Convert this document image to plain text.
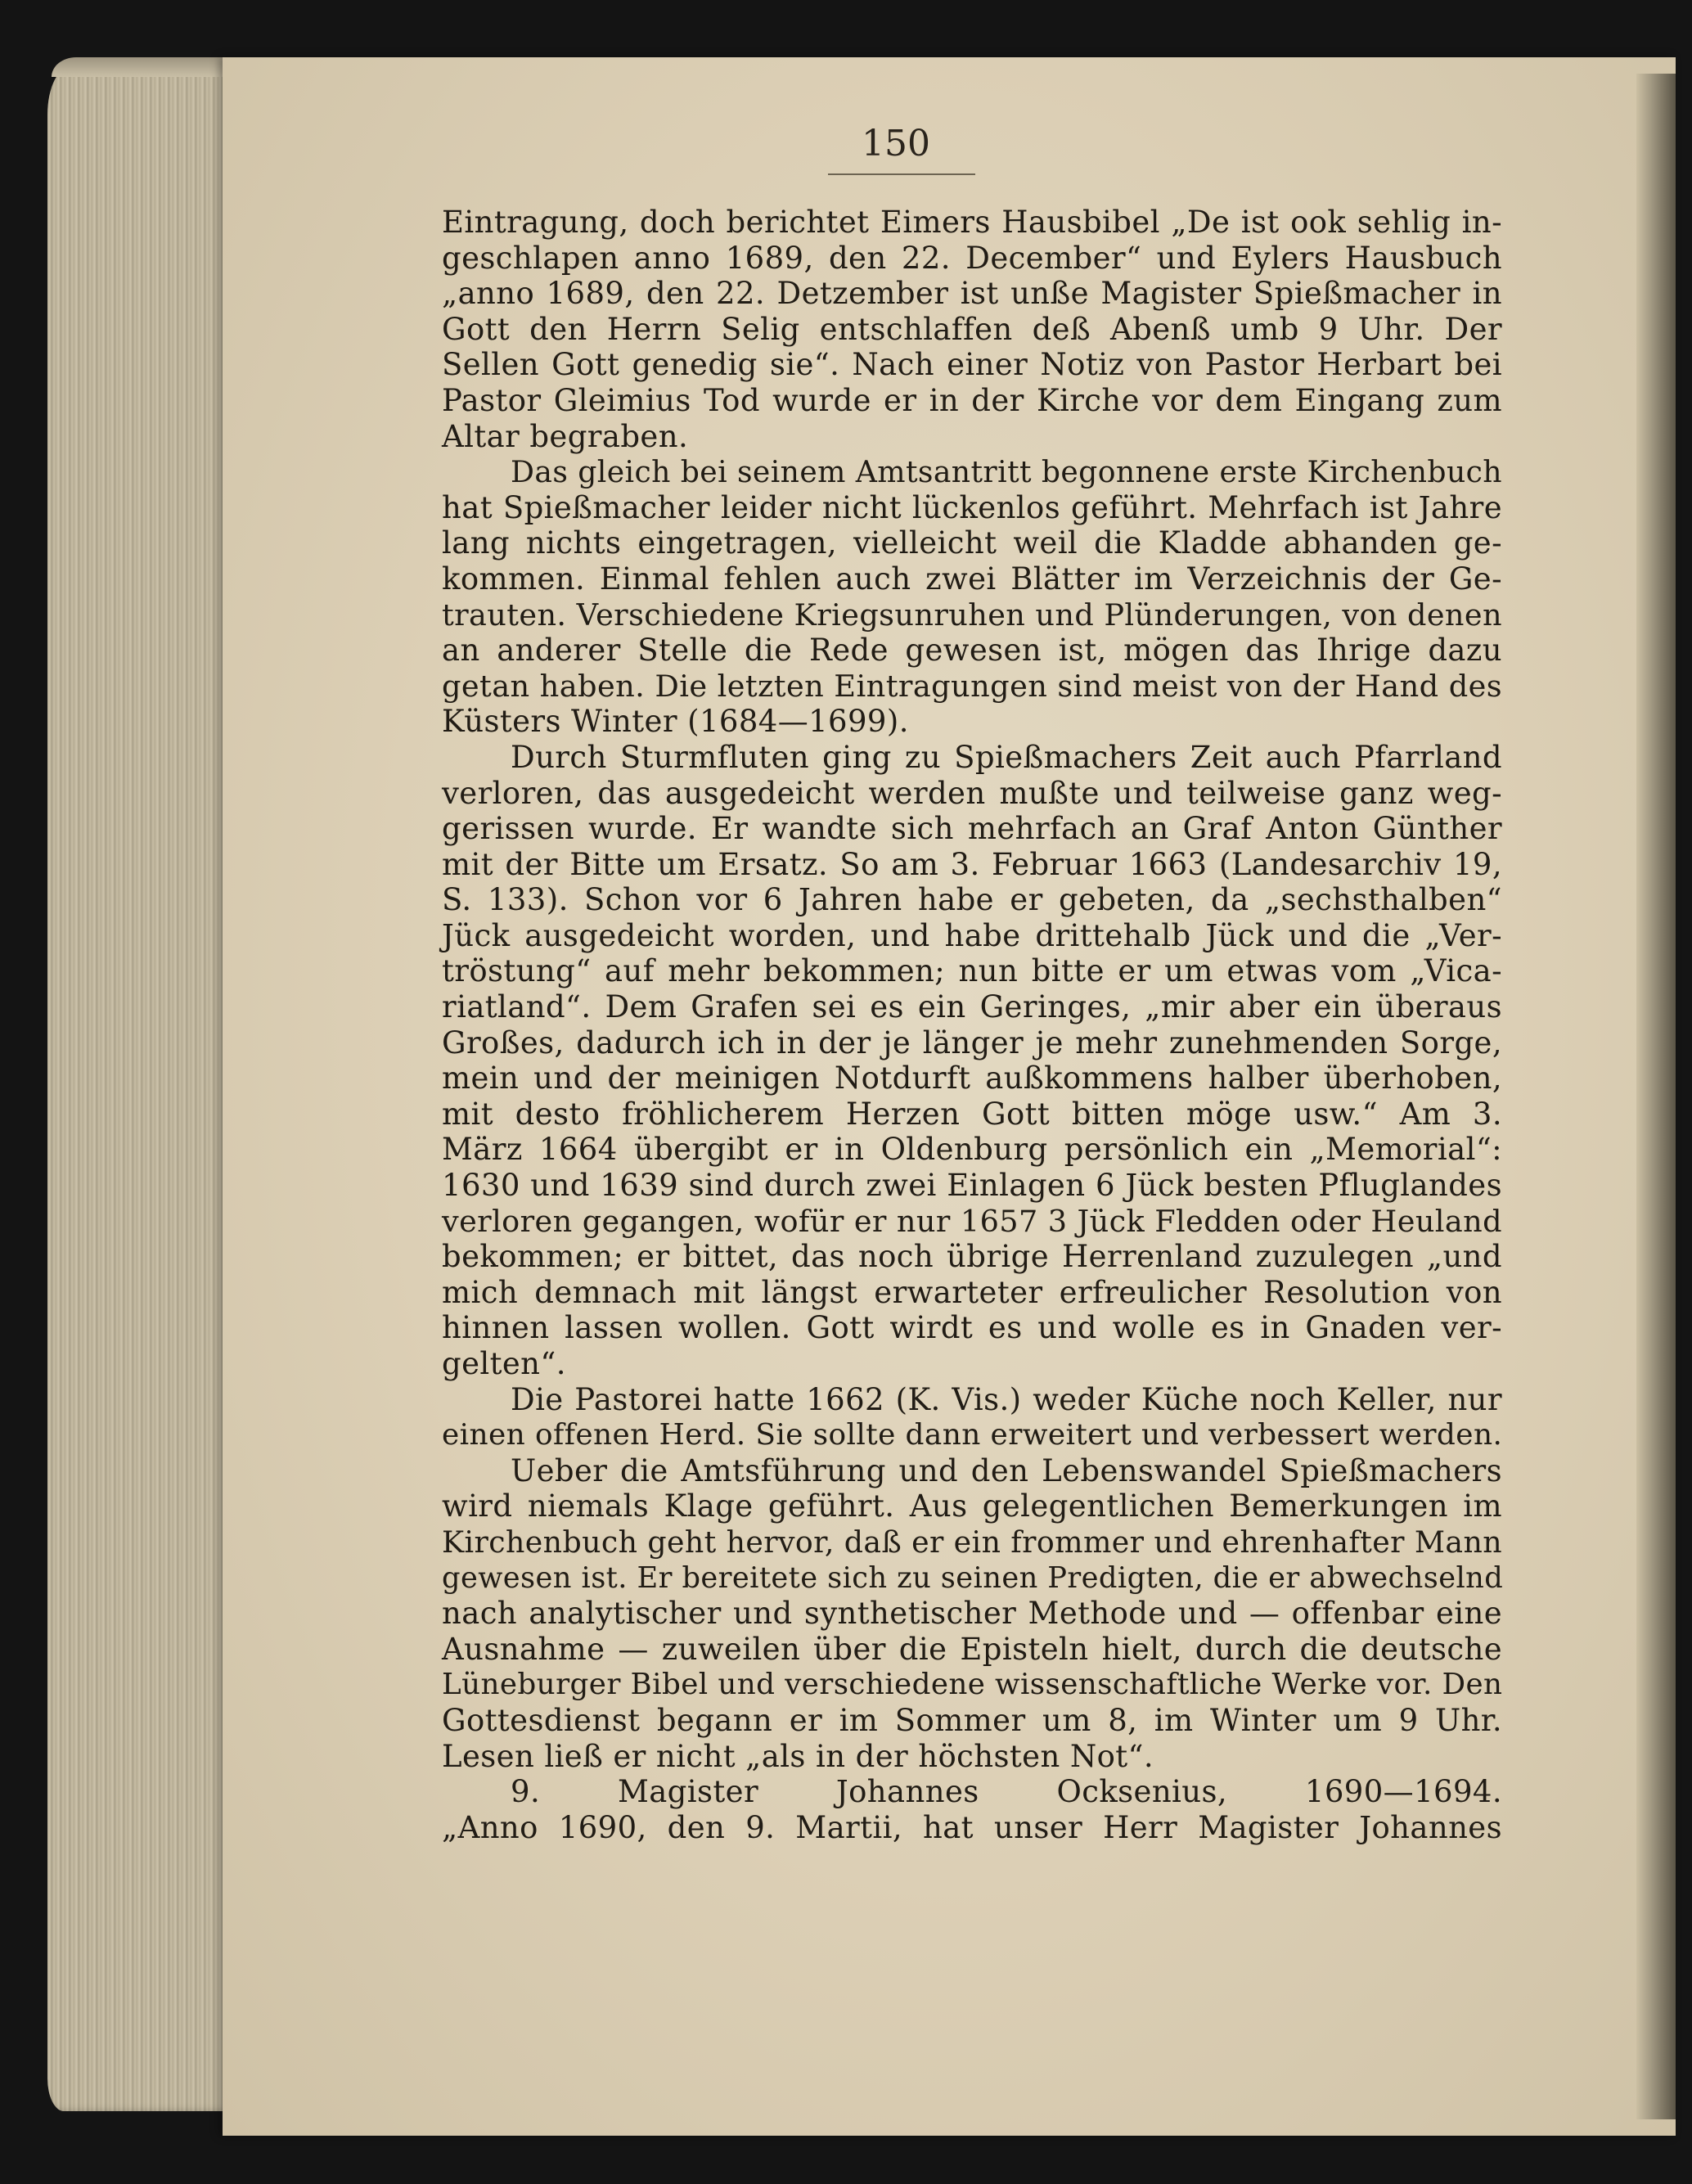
150
Eintragung, doch berichtet Eimers Hausbibel „De ist ook sehlig in-
geschlapen anno 1689, den 22. December“ und Eylers Hausbuch
„anno 1689, den 22. Detzember ist unße Magister Spießmacher in
Gott den Herrn Selig entschlaffen deß Abenß umb 9 Uhr. Der
Sellen Gott genedig sie“. Nach einer Notiz von Pastor Herbart bei
Pastor Gleimius Tod wurde er in der Kirche vor dem Eingang zum
Altar begraben.
Das gleich bei seinem Amtsantritt begonnene erste Kirchenbuch
hat Spießmacher leider nicht lückenlos geführt. Mehrfach ist Jahre
lang nichts eingetragen, vielleicht weil die Kladde abhanden ge-
kommen. Einmal fehlen auch zwei Blätter im Verzeichnis der Ge-
trauten. Verschiedene Kriegsunruhen und Plünderungen, von denen
an anderer Stelle die Rede gewesen ist, mögen das Ihrige dazu
getan haben. Die letzten Eintragungen sind meist von der Hand des
Küsters Winter (1684—1699).
Durch Sturmfluten ging zu Spießmachers Zeit auch Pfarrland
verloren, das ausgedeicht werden mußte und teilweise ganz weg-
gerissen wurde. Er wandte sich mehrfach an Graf Anton Günther
mit der Bitte um Ersatz. So am 3. Februar 1663 (Landesarchiv 19,
S. 133). Schon vor 6 Jahren habe er gebeten, da „sechsthalben“
Jück ausgedeicht worden, und habe drittehalb Jück und die „Ver-
tröstung“ auf mehr bekommen; nun bitte er um etwas vom „Vica-
riatland“. Dem Grafen sei es ein Geringes, „mir aber ein überaus
Großes, dadurch ich in der je länger je mehr zunehmenden Sorge,
mein und der meinigen Notdurft außkommens halber überhoben,
mit desto fröhlicherem Herzen Gott bitten möge usw.“ Am 3.
März 1664 übergibt er in Oldenburg persönlich ein „Memorial“:
1630 und 1639 sind durch zwei Einlagen 6 Jück besten Pfluglandes
verloren gegangen, wofür er nur 1657 3 Jück Fledden oder Heuland
bekommen; er bittet, das noch übrige Herrenland zuzulegen „und
mich demnach mit längst erwarteter erfreulicher Resolution von
hinnen lassen wollen. Gott wirdt es und wolle es in Gnaden ver-
gelten“.
Die Pastorei hatte 1662 (K. Vis.) weder Küche noch Keller, nur
einen offenen Herd. Sie sollte dann erweitert und verbessert werden.
Ueber die Amtsführung und den Lebenswandel Spießmachers
wird niemals Klage geführt. Aus gelegentlichen Bemerkungen im
Kirchenbuch geht hervor, daß er ein frommer und ehrenhafter Mann
gewesen ist. Er bereitete sich zu seinen Predigten, die er abwechselnd
nach analytischer und synthetischer Methode und — offenbar eine
Ausnahme — zuweilen über die Episteln hielt, durch die deutsche
Lüneburger Bibel und verschiedene wissenschaftliche Werke vor. Den
Gottesdienst begann er im Sommer um 8, im Winter um 9 Uhr.
Lesen ließ er nicht „als in der höchsten Not“.
9. Magister Johannes Ocksenius, 1690—1694.
„Anno 1690, den 9. Martii, hat unser Herr Magister Johannes
